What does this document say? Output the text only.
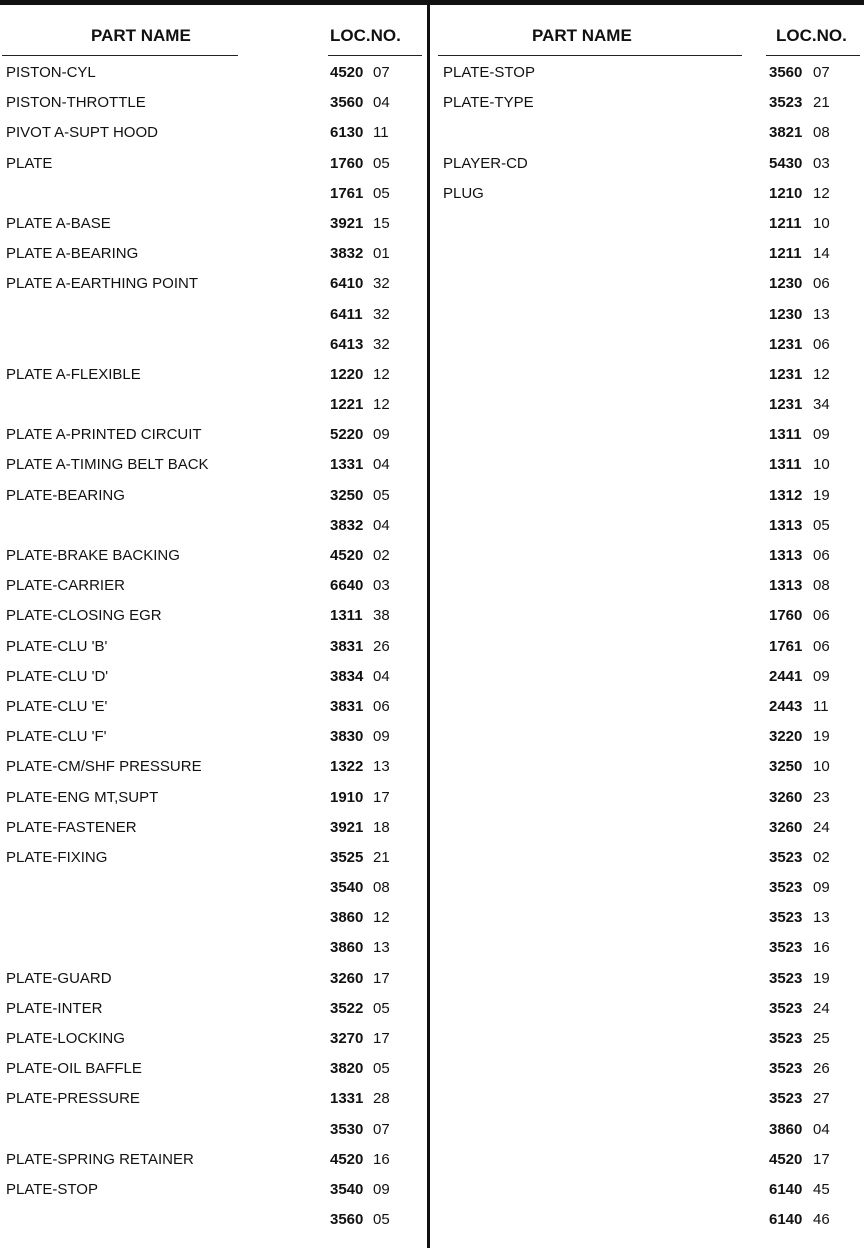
PART NAME	LOC.NO.
PISTON-CYL	4520 07
PISTON-THROTTLE	3560 04
PIVOT A-SUPT HOOD	6130 11
PLATE	1760 05
1761 05
PLATE A-BASE	3921 15
PLATE A-BEARING	3832 01
PLATE A-EARTHING POINT	6410 32
6411 32
6413 32
PLATE A-FLEXIBLE	1220 12
1221 12
PLATE A-PRINTED CIRCUIT	5220 09
PLATE A-TIMING BELT BACK	1331 04
PLATE-BEARING	3250 05
3832 04
PLATE-BRAKE BACKING	4520 02
PLATE-CARRIER	6640 03
PLATE-CLOSING EGR	1311 38
PLATE-CLU 'B'	3831 26
PLATE-CLU 'D'	3834 04
PLATE-CLU 'E'	3831 06
PLATE-CLU 'F'	3830 09
PLATE-CM/SHF PRESSURE	1322 13
PLATE-ENG MT,SUPT	1910 17
PLATE-FASTENER	3921 18
PLATE-FIXING	3525 21
3540 08
3860 12
3860 13
PLATE-GUARD	3260 17
PLATE-INTER	3522 05
PLATE-LOCKING	3270 17
PLATE-OIL BAFFLE	3820 05
PLATE-PRESSURE	1331 28
3530 07
PLATE-SPRING RETAINER	4520 16
PLATE-STOP	3540 09
3560 05
PART NAME	LOC.NO.
PLATE-STOP	3560 07
PLATE-TYPE	3523 21
3821 08
PLAYER-CD	5430 03
PLUG	1210 12
1211 10
1211 14
1230 06
1230 13
1231 06
1231 12
1231 34
1311 09
1311 10
1312 19
1313 05
1313 06
1313 08
1760 06
1761 06
2441 09
2443 11
3220 19
3250 10
3260 23
3260 24
3523 02
3523 09
3523 13
3523 16
3523 19
3523 24
3523 25
3523 26
3523 27
3860 04
4520 17
6140 45
6140 46
